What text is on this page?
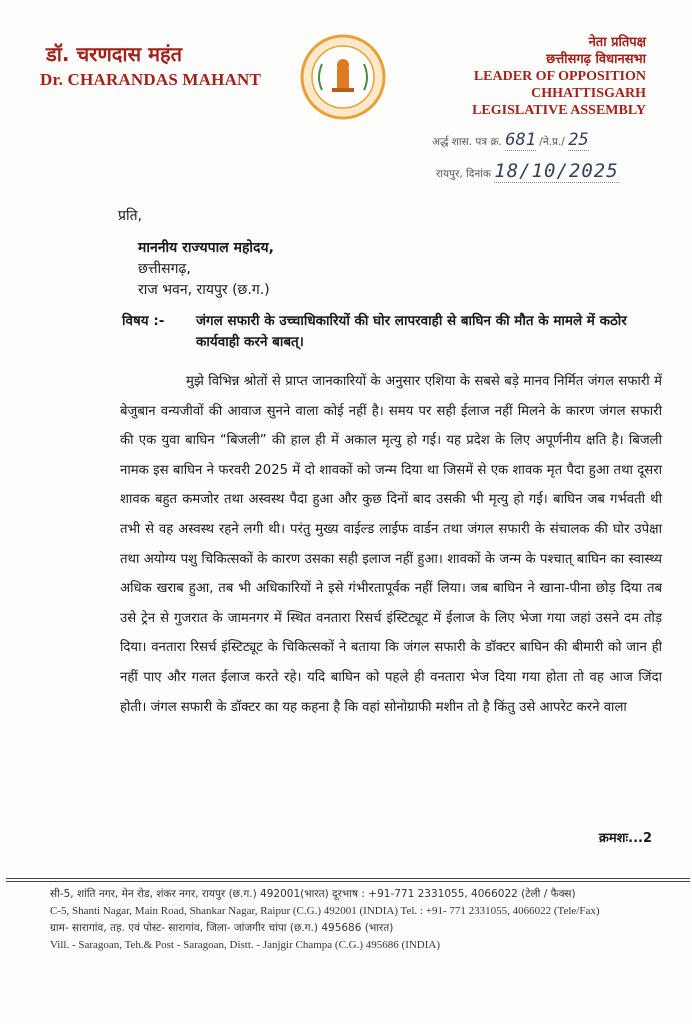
डॉ. चरणदास महंत
Dr. CHARANDAS MAHANT
नेता प्रतिपक्ष
छत्तीसगढ़ विधानसभा
LEADER OF OPPOSITION
CHHATTISGARH
LEGISLATIVE ASSEMBLY
अर्द्ध शास. पत्र क्र. 681 /ने.प्र./ 25
रायपुर, दिनांक 18/10/2025
प्रति,
माननीय राज्यपाल महोदय,
छत्तीसगढ़,
राज भवन, रायपुर (छ.ग.)
विषय :- जंगल सफारी के उच्चाधिकारियों की घोर लापरवाही से बाघिन की मौत के मामले में कठोर कार्यवाही करने बाबत्।

मुझे विभिन्न श्रोतों से प्राप्त जानकारियों के अनुसार एशिया के सबसे बड़े मानव निर्मित जंगल सफारी में बेजुबान वन्यजीवों की आवाज सुनने वाला कोई नहीं है। समय पर सही ईलाज नहीं मिलने के कारण जंगल सफारी की एक युवा बाघिन “बिजली” की हाल ही में अकाल मृत्यु हो गई। यह प्रदेश के लिए अपूर्णनीय क्षति है। बिजली नामक इस बाघिन ने फरवरी 2025 में दो शावकों को जन्म दिया था जिसमें से एक शावक मृत पैदा हुआ तथा दूसरा शावक बहुत कमजोर तथा अस्वस्थ पैदा हुआ और कुछ दिनों बाद उसकी भी मृत्यु हो गई। बाघिन जब गर्भवती थी तभी से वह अस्वस्थ रहने लगी थी। परंतु मुख्य वाईल्ड लाईफ वार्डन तथा जंगल सफारी के संचालक की घोर उपेक्षा तथा अयोग्य पशु चिकित्सकों के कारण उसका सही इलाज नहीं हुआ। शावकों के जन्म के पश्चात् बाघिन का स्वास्थ्य अधिक खराब हुआ, तब भी अधिकारियों ने इसे गंभीरतापूर्वक नहीं लिया। जब बाघिन ने खाना-पीना छोड़ दिया तब उसे ट्रेन से गुजरात के जामनगर में स्थित वनतारा रिसर्च इंस्टिट्यूट में ईलाज के लिए भेजा गया जहां उसने दम तोड़ दिया। वनतारा रिसर्च इंस्टिट्यूट के चिकित्सकों ने बताया कि जंगल सफारी के डॉक्टर बाघिन की बीमारी को जान ही नहीं पाए और गलत ईलाज करते रहे। यदि बाघिन को पहले ही वनतारा भेज दिया गया होता तो वह आज जिंदा होती। जंगल सफारी के डॉक्टर का यह कहना है कि वहां सोनोग्राफी मशीन तो है किंतु उसे आपरेट करने वाला

क्रमशः...2
सी-5, शांति नगर, मेन रोड, शंकर नगर, रायपुर (छ.ग.) 492001(भारत) दूरभाष : +91-771 2331055, 4066022 (टेली / फैक्स)
C-5, Shanti Nagar, Main Road, Shankar Nagar, Raipur (C.G.) 492001 (INDIA) Tel. : +91- 771 2331055, 4066022 (Tele/Fax)
ग्राम- सारागांव, तह. एवं पोस्ट- सारागांव, जिला- जांजगीर चांपा (छ.ग.) 495686 (भारत)
Vill. - Saragoan, Teh.& Post - Saragoan, Distt. - Janjgir Champa (C.G.) 495686 (INDIA)
